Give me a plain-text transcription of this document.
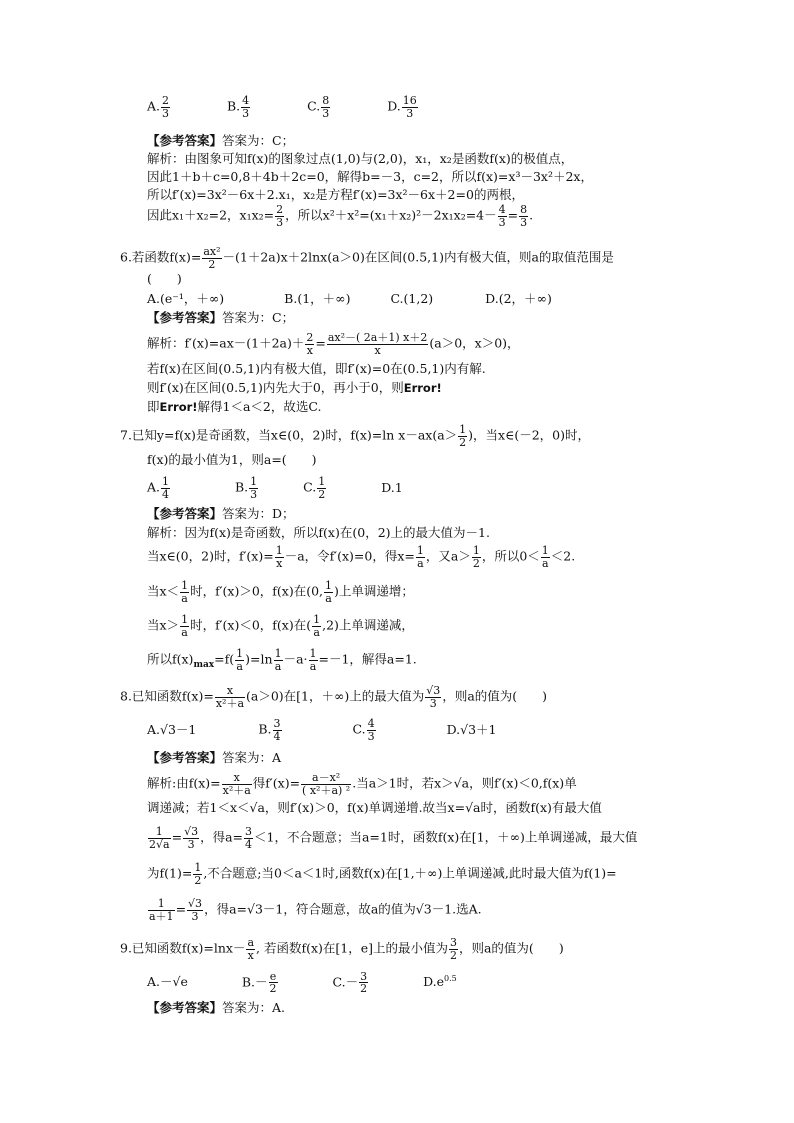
A. $\frac{2}{3}$	B. $\frac{4}{3}$	C. $\frac{8}{3}$	D. $\frac{16}{3}$
【参考答案】答案为：C；
解析：由图象可知f(x)的图象过点(1,0)与(2,0)，x₁，x₂是函数f(x)的极值点，
因此1＋b＋c=0,8＋4b＋2c=0，解得b=－3，c=2，所以f(x)=x³－3x²＋2x，
所以f′(x)=3x²－6x＋2.x₁，x₂是方程f′(x)=3x²－6x＋2=0的两根，
因此x₁＋x₂=2，$x_1x_2= \frac{2}{3}$ ，所以$x^2+x^2=(x_1+x_2)^2-2x_1x_2=4- \frac{4}{3} = \frac{8}{3}$ .
6.若函数$f(x)= \frac{\text{ax²}}{2} -(1+2a)x+2\ln x(a>0)$在区间(0.5,1)内有极大值，则a的取值范围是
(　　)
A.(e⁻¹，＋∞)	B.(1，＋∞)	C.(1,2)	D.(2，＋∞)
【参考答案】答案为：C；
解析：$f'(x)=ax-(1+2a)+ \frac{2}{x} = \frac{\text{ax²－( 2a＋1) x＋2}}{x} (a>0$，x＞0)，
若f(x)在区间(0.5,1)内有极大值，即f′(x)=0在(0.5,1)内有解.
则f′(x)在区间(0.5,1)内先大于0，再小于0，则Error!
即Error!解得1＜a＜2，故选C.
7.已知y=f(x)是奇函数，当x∈(0，2)时，f(x)=ln $x-ax(a> \frac{1}{2}$ )，当x∈(－2，0)时，
f(x)的最小值为1，则a=(　　)
A. $\frac{1}{4}$	B. $\frac{1}{3}$	C. $\frac{1}{2}$	D.1
【参考答案】答案为：D；
解析：因为f(x)是奇函数，所以f(x)在(0，2)上的最大值为－1.
当x∈(0，2)时，$f'(x)= \frac{1}{x} -a$，令f′(x)=0，得$x= \frac{1}{a}$ ，又$a> \frac{1}{2}$ ，所以$0< \frac{1}{a} <2$.
当$x< \frac{1}{a}$ 时，f′(x)＞0，f(x)在(0, $\frac{1}{a}$ )上单调递增；
当$x> \frac{1}{a}$ 时，f′(x)＜0，f(x)在( $\frac{1}{a} ,2$)上单调递减，
所以$f(x)_{max}=f( \frac{1}{a} )=\ln \frac{1}{a} -a\cdot \frac{1}{a} =-1$，解得a=1.
8.已知函数$f(x)= \frac{x}{\text{x²＋a}} (a>0)$在[1，＋∞)上的最大值为 $\frac{√3}{3}$ ，则a的值为(　　)
A.√3－1	B. $\frac{3}{4}$	C. $\frac{4}{3}$	D.√3＋1
【参考答案】答案为：A
解析:由$f(x)= \frac{x}{\text{x²＋a}}$ 得$f'(x)= \frac{\text{a－x²}}{\text{( x²＋a) ²}}$ .当a＞1时，若x＞√a，则f′(x)＜0,f(x)单
调递减；若1＜x＜√a，则f′(x)＞0，f(x)单调递增.故当x=√a时，函数f(x)有最大值
$\frac{1}{2√a} = \frac{√3}{3}$ ，得$a= \frac{3}{4} <1$，不合题意；当a=1时，函数f(x)在[1，＋∞)上单调递减，最大值
为$f(1)= \frac{1}{2}$ ,不合题意;当0＜a＜1时,函数f(x)在[1,＋∞)上单调递减,此时最大值为f(1)=
$\frac{1}{a+1} = \frac{√3}{3}$ ，得a=√3－1，符合题意，故a的值为√3－1.选A.
9.已知函数$f(x)=\ln x- \frac{a}{x}$ , 若函数f(x)在[1，e]上的最小值为 $\frac{3}{2}$ ，则a的值为(　　)
A.－√e	$B.- \frac{e}{2}$	$C.- \frac{3}{2}$	$D.e^{0.5}$
【参考答案】答案为：A.
